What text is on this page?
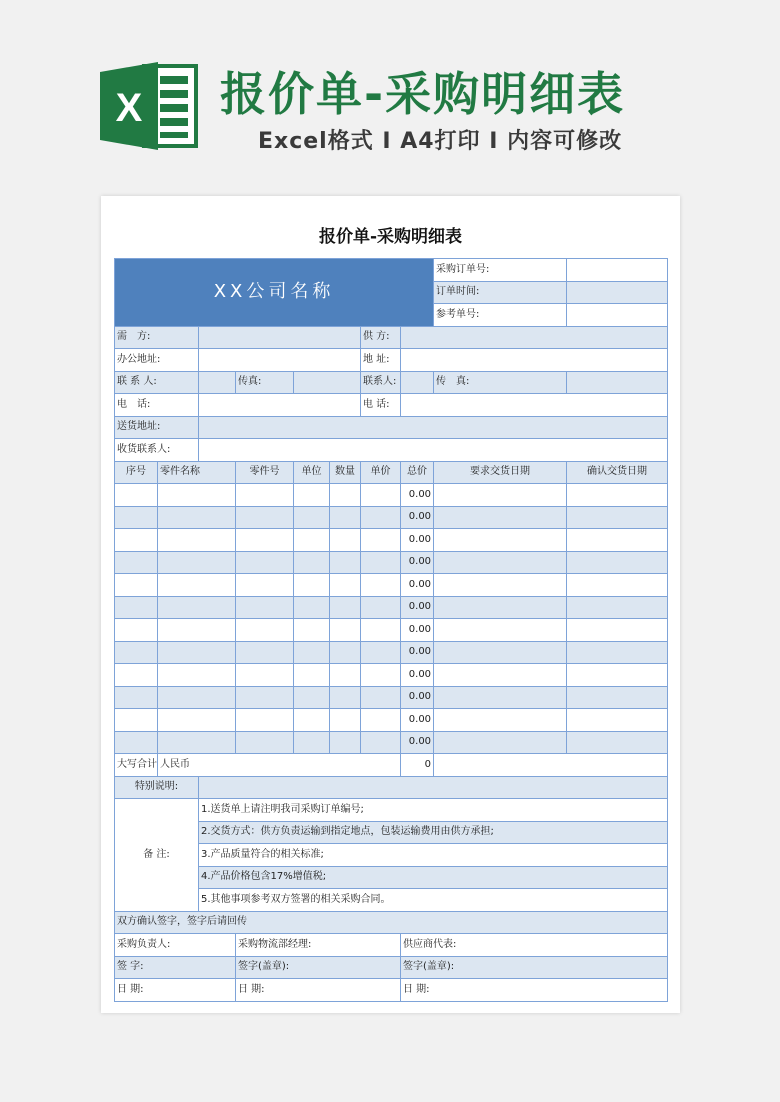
X 报价单-采购明细表
Excel格式 I A4打印 I 内容可修改
报价单-采购明细表
XX公司名称								采购订单号:	
								订单时间:	
								参考单号:	
需　方:						供 方:			
办公地址:						地 址:			
联 系 人:			传真:			联系人:		传　真:	
电　话:						电 话:			
送货地址:									
收货联系人:									
序号	零件名称		零件号	单位	数量	单价	总价	要求交货日期	确认交货日期
							0.00		
							0.00		
							0.00		
							0.00		
							0.00		
							0.00		
							0.00		
							0.00		
							0.00		
							0.00		
							0.00		
							0.00		
大写合计	人民币						0		
特别说明:									
备 注:		1.送货单上请注明我司采购订单编号;							
		2.交货方式：供方负责运输到指定地点，包装运输费用由供方承担;							
		3.产品质量符合的相关标准;							
		4.产品价格包含17%增值税;							
		5.其他事项参考双方签署的相关采购合同。							
双方确认签字，签字后请回传									
采购负责人:			采购物流部经理:				供应商代表:		
签 字:			签字(盖章):				签字(盖章):		
日 期:			日 期:				日 期:		
